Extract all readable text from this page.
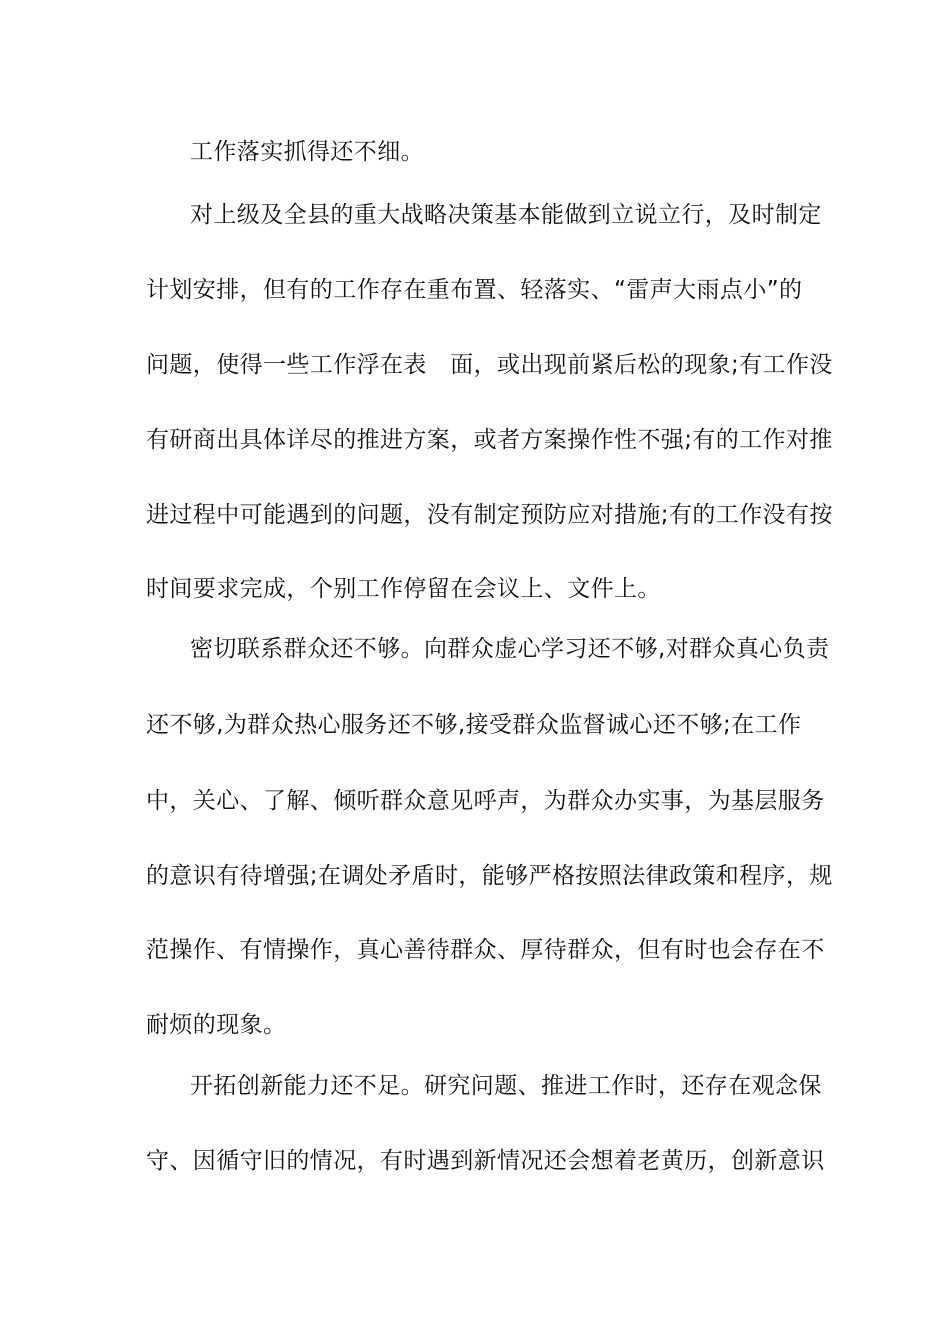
工作落实抓得还不细。
对上级及全县的重大战略决策基本能做到立说立行，及时制定
计划安排，但有的工作存在重布置、轻落实、“雷声大雨点小”的
问题，使得一些工作浮在表　面，或出现前紧后松的现象;有工作没
有研商出具体详尽的推进方案，或者方案操作性不强;有的工作对推
进过程中可能遇到的问题，没有制定预防应对措施;有的工作没有按
时间要求完成，个别工作停留在会议上、文件上。
密切联系群众还不够。向群众虚心学习还不够,对群众真心负责
还不够,为群众热心服务还不够,接受群众监督诚心还不够;在工作
中，关心、了解、倾听群众意见呼声，为群众办实事，为基层服务
的意识有待增强;在调处矛盾时，能够严格按照法律政策和程序，规
范操作、有情操作，真心善待群众、厚待群众，但有时也会存在不
耐烦的现象。
开拓创新能力还不足。研究问题、推进工作时，还存在观念保
守、因循守旧的情况，有时遇到新情况还会想着老黄历，创新意识
